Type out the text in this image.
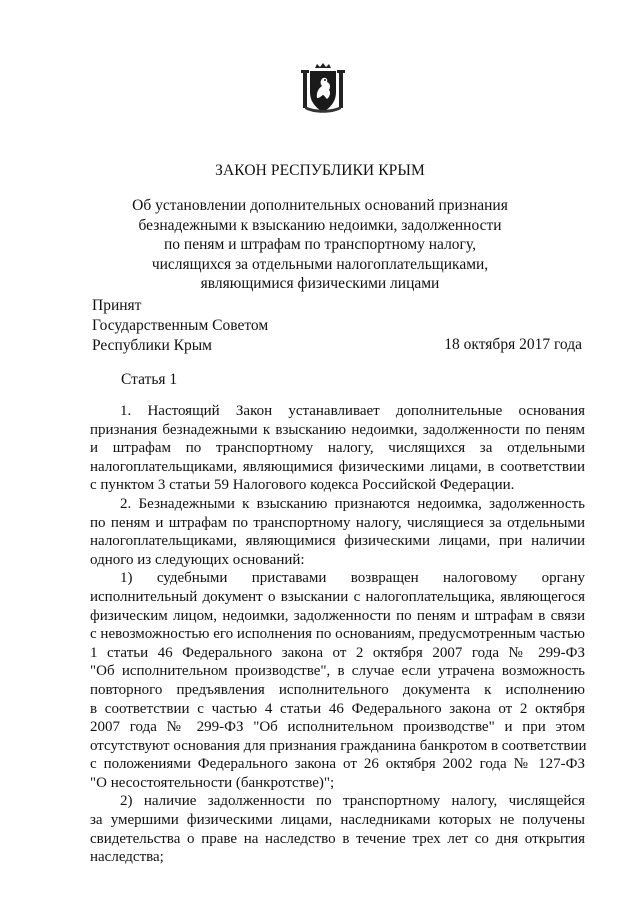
ЗАКОН РЕСПУБЛИКИ КРЫМ
Об установлении дополнительных оснований признания
безнадежными к взысканию недоимки, задолженности
по пеням и штрафам по транспортному налогу,
числящихся за отдельными налогоплательщиками,
являющимися физическими лицами
Принят
Государственным Советом
Республики Крым	18 октября 2017 года
Статья 1
1. Настоящий Закон устанавливает дополнительные основания
признания безнадежными к взысканию недоимки, задолженности по пеням
и штрафам по транспортному налогу, числящихся за отдельными
налогоплательщиками, являющимися физическими лицами, в соответствии
с пунктом 3 статьи 59 Налогового кодекса Российской Федерации.
2. Безнадежными к взысканию признаются недоимка, задолженность
по пеням и штрафам по транспортному налогу, числящиеся за отдельными
налогоплательщиками, являющимися физическими лицами, при наличии
одного из следующих оснований:
1) судебными приставами возвращен налоговому органу
исполнительный документ о взыскании с налогоплательщика, являющегося
физическим лицом, недоимки, задолженности по пеням и штрафам в связи
с невозможностью его исполнения по основаниям, предусмотренным частью
1 статьи 46 Федерального закона от 2 октября 2007 года № 299-ФЗ
"Об исполнительном производстве", в случае если утрачена возможность
повторного предъявления исполнительного документа к исполнению
в соответствии с частью 4 статьи 46 Федерального закона от 2 октября
2007 года № 299-ФЗ "Об исполнительном производстве" и при этом
отсутствуют основания для признания гражданина банкротом в соответствии
с положениями Федерального закона от 26 октября 2002 года № 127-ФЗ
"О несостоятельности (банкротстве)";
2) наличие задолженности по транспортному налогу, числящейся
за умершими физическими лицами, наследниками которых не получены
свидетельства о праве на наследство в течение трех лет со дня открытия
наследства;
